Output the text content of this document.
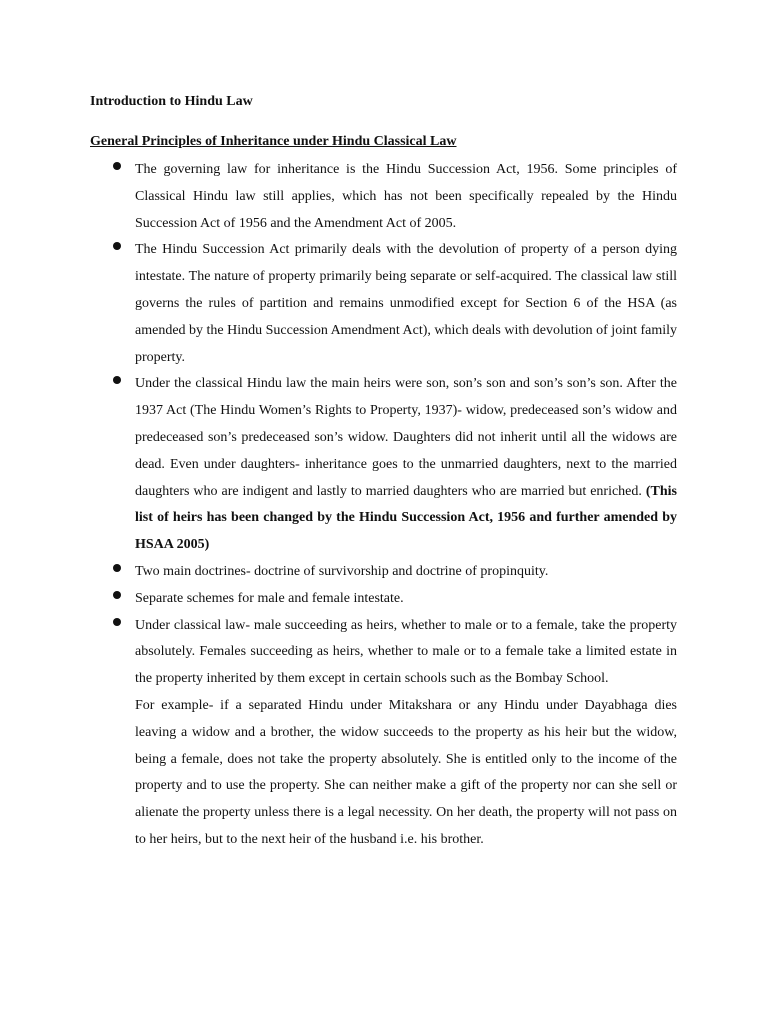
Introduction to Hindu Law
General Principles of Inheritance under Hindu Classical Law

The governing law for inheritance is the Hindu Succession Act, 1956. Some principles of Classical Hindu law still applies, which has not been specifically repealed by the Hindu Succession Act of 1956 and the Amendment Act of 2005.

The Hindu Succession Act primarily deals with the devolution of property of a person dying intestate. The nature of property primarily being separate or self-acquired. The classical law still governs the rules of partition and remains unmodified except for Section 6 of the HSA (as amended by the Hindu Succession Amendment Act), which deals with devolution of joint family property.

Under the classical Hindu law the main heirs were son, son’s son and son’s son’s son. After the 1937 Act (The Hindu Women’s Rights to Property, 1937)- widow, predeceased son’s widow and predeceased son’s predeceased son’s widow. Daughters did not inherit until all the widows are dead. Even under daughters- inheritance goes to the unmarried daughters, next to the married daughters who are indigent and lastly to married daughters who are married but enriched. (This list of heirs has been changed by the Hindu Succession Act, 1956 and further amended by HSAA 2005)

Two main doctrines- doctrine of survivorship and doctrine of propinquity.

Separate schemes for male and female intestate.

Under classical law- male succeeding as heirs, whether to male or to a female, take the property absolutely. Females succeeding as heirs, whether to male or to a female take a limited estate in the property inherited by them except in certain schools such as the Bombay School.

For example- if a separated Hindu under Mitakshara or any Hindu under Dayabhaga dies leaving a widow and a brother, the widow succeeds to the property as his heir but the widow, being a female, does not take the property absolutely. She is entitled only to the income of the property and to use the property. She can neither make a gift of the property nor can she sell or alienate the property unless there is a legal necessity. On her death, the property will not pass on to her heirs, but to the next heir of the husband i.e. his brother.
